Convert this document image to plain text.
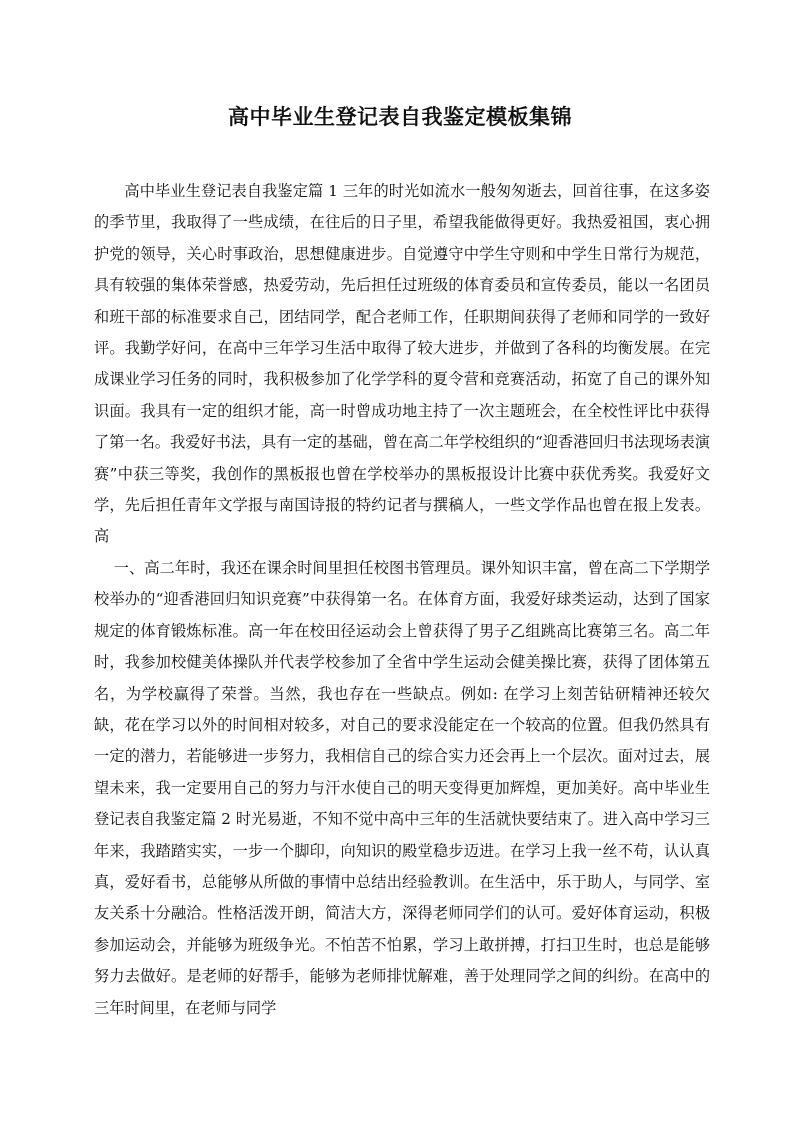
高中毕业生登记表自我鉴定模板集锦

高中毕业生登记表自我鉴定篇 1 三年的时光如流水一般匆匆逝去，回首往事，在这多姿的季节里，我取得了一些成绩，在往后的日子里，希望我能做得更好。我热爱祖国，衷心拥护党的领导，关心时事政治，思想健康进步。自觉遵守中学生守则和中学生日常行为规范，具有较强的集体荣誉感，热爱劳动，先后担任过班级的体育委员和宣传委员，能以一名团员和班干部的标准要求自己，团结同学，配合老师工作，任职期间获得了老师和同学的一致好评。我勤学好问，在高中三年学习生活中取得了较大进步，并做到了各科的均衡发展。在完成课业学习任务的同时，我积极参加了化学学科的夏令营和竞赛活动，拓宽了自己的课外知识面。我具有一定的组织才能，高一时曾成功地主持了一次主题班会，在全校性评比中获得了第一名。我爱好书法，具有一定的基础，曾在高二年学校组织的“迎香港回归书法现场表演赛”中获三等奖，我创作的黑板报也曾在学校举办的黑板报设计比赛中获优秀奖。我爱好文学，先后担任青年文学报与南国诗报的特约记者与撰稿人，一些文学作品也曾在报上发表。高

一、高二年时，我还在课余时间里担任校图书管理员。课外知识丰富，曾在高二下学期学校举办的“迎香港回归知识竞赛”中获得第一名。在体育方面，我爱好球类运动，达到了国家规定的体育锻炼标准。高一年在校田径运动会上曾获得了男子乙组跳高比赛第三名。高二年时，我参加校健美体操队并代表学校参加了全省中学生运动会健美操比赛，获得了团体第五名，为学校赢得了荣誉。当然，我也存在一些缺点。例如: 在学习上刻苦钻研精神还较欠缺，花在学习以外的时间相对较多，对自己的要求没能定在一个较高的位置。但我仍然具有一定的潜力，若能够进一步努力，我相信自己的综合实力还会再上一个层次。面对过去，展望未来，我一定要用自己的努力与汗水使自己的明天变得更加辉煌，更加美好。高中毕业生登记表自我鉴定篇 2 时光易逝，不知不觉中高中三年的生活就快要结束了。进入高中学习三年来，我踏踏实实，一步一个脚印，向知识的殿堂稳步迈进。在学习上我一丝不苟，认认真真，爱好看书，总能够从所做的事情中总结出经验教训。在生活中，乐于助人，与同学、室友关系十分融洽。性格活泼开朗，简洁大方，深得老师同学们的认可。爱好体育运动，积极参加运动会，并能够为班级争光。不怕苦不怕累，学习上敢拼搏，打扫卫生时，也总是能够努力去做好。是老师的好帮手，能够为老师排忧解难，善于处理同学之间的纠纷。在高中的三年时间里，在老师与同学
